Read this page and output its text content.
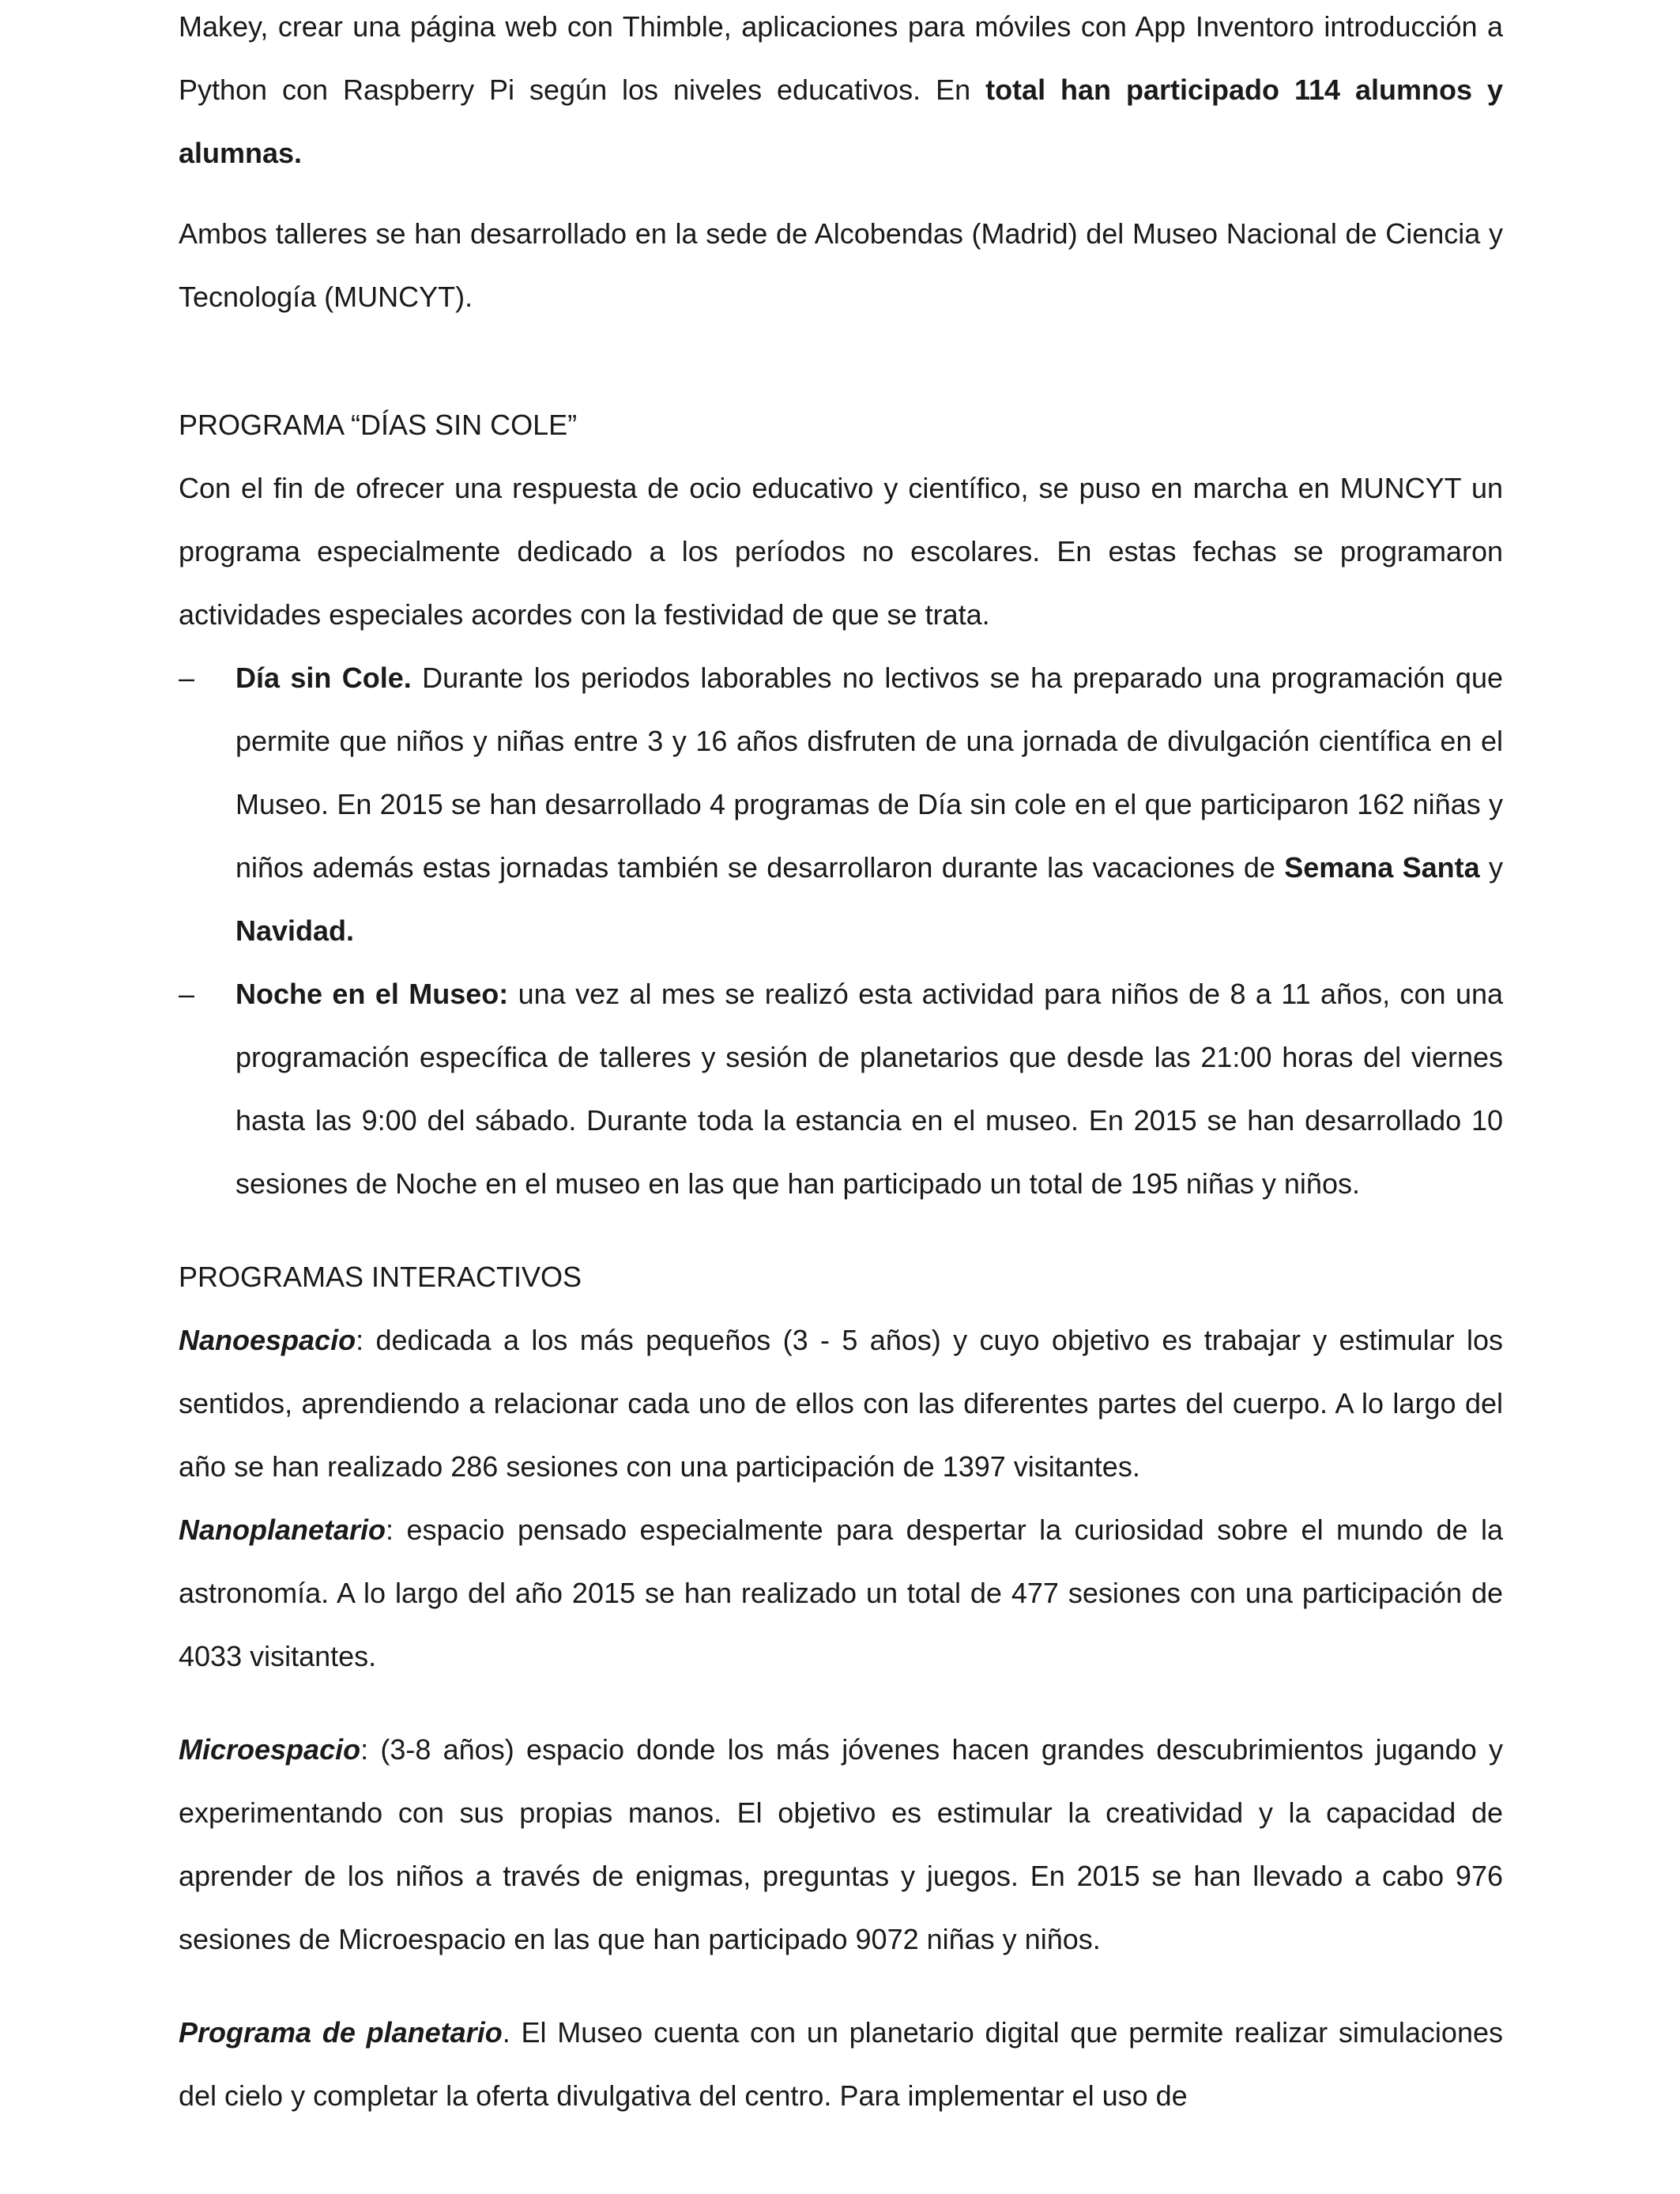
Makey, crear una página web con Thimble, aplicaciones para móviles con App Inventoro introducción a Python con Raspberry Pi según los niveles educativos. En total han participado 114 alumnos y alumnas.

Ambos talleres se han desarrollado en la sede de Alcobendas (Madrid) del Museo Nacional de Ciencia y Tecnología (MUNCYT).

PROGRAMA “DÍAS SIN COLE”

Con el fin de ofrecer una respuesta de ocio educativo y científico, se puso en marcha en MUNCYT un programa especialmente dedicado a los períodos no escolares. En estas fechas se programaron actividades especiales acordes con la festividad de que se trata.

– Día sin Cole. Durante los periodos laborables no lectivos se ha preparado una programación que permite que niños y niñas entre 3 y 16 años disfruten de una jornada de divulgación científica en el Museo. En 2015 se han desarrollado 4 programas de Día sin cole en el que participaron 162 niñas y niños además estas jornadas también se desarrollaron durante las vacaciones de Semana Santa y Navidad.
– Noche en el Museo: una vez al mes se realizó esta actividad para niños de 8 a 11 años, con una programación específica de talleres y sesión de planetarios que desde las 21:00 horas del viernes hasta las 9:00 del sábado. Durante toda la estancia en el museo. En 2015 se han desarrollado 10 sesiones de Noche en el museo en las que han participado un total de 195 niñas y niños.

PROGRAMAS INTERACTIVOS

Nanoespacio: dedicada a los más pequeños (3 - 5 años) y cuyo objetivo es trabajar y estimular los sentidos, aprendiendo a relacionar cada uno de ellos con las diferentes partes del cuerpo. A lo largo del año se han realizado 286 sesiones con una participación de 1397 visitantes.

Nanoplanetario: espacio pensado especialmente para despertar la curiosidad sobre el mundo de la astronomía. A lo largo del año 2015 se han realizado un total de 477 sesiones con una participación de 4033 visitantes.

Microespacio: (3-8 años) espacio donde los más jóvenes hacen grandes descubrimientos jugando y experimentando con sus propias manos. El objetivo es estimular la creatividad y la capacidad de aprender de los niños a través de enigmas, preguntas y juegos. En 2015 se han llevado a cabo 976 sesiones de Microespacio en las que han participado 9072 niñas y niños.

Programa de planetario. El Museo cuenta con un planetario digital que permite realizar simulaciones del cielo y completar la oferta divulgativa del centro. Para implementar el uso de
